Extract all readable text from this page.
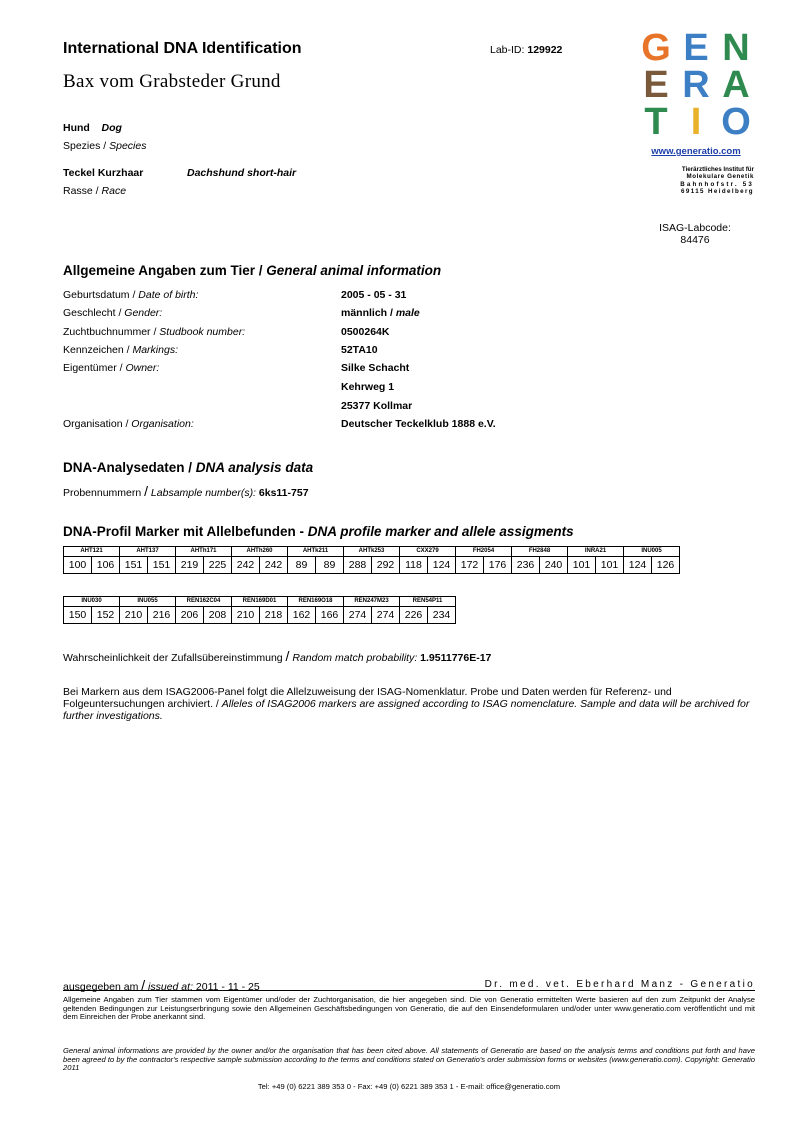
International DNA Identification	Lab-ID: 129922
Bax vom Grabsteder Grund
Hund Dog
Spezies / Species
Teckel Kurzhaar	Dachshund short-hair
Rasse / Race
G E N
E R A
T I O
www.generatio.com
Tierärztliches Institut für
Molekulare Genetik
Bahnhofstr. 53
69115 Heidelberg
ISAG-Labcode:
84476
Allgemeine Angaben zum Tier / General animal information
Geburtsdatum / Date of birth:	2005 - 05 - 31
Geschlecht / Gender:	männlich / male
Zuchtbuchnummer / Studbook number:	0500264K
Kennzeichen / Markings:	52TA10
Eigentümer / Owner:	Silke Schacht
Kehrweg 1
25377 Kollmar
Organisation / Organisation:	Deutscher Teckelklub 1888 e.V.
DNA-Analysedaten / DNA analysis data
Probennummern / Labsample number(s): 6ks11-757
DNA-Profil Marker mit Allelbefunden - DNA profile marker and allele assigments
AHT121		AHT137		AHTh171		AHTh260		AHTk211		AHTk253		CXX279		FH2054		FH2848		INRA21		INU005	
100	106	151	151	219	225	242	242	89	89	288	292	118	124	172	176	236	240	101	101	124	126
INU030		INU055		REN162C04		REN169D01		REN169O18		REN247M23		REN54P11	
150	152	210	216	206	208	210	218	162	166	274	274	226	234
Wahrscheinlichkeit der Zufallsübereinstimmung / Random match probability: 1.9511776E-17
Bei Markern aus dem ISAG2006-Panel folgt die Allelzuweisung der ISAG-Nomenklatur. Probe und Daten werden für Referenz- und Folgeuntersuchungen archiviert. / Alleles of ISAG2006 markers are assigned according to ISAG nomenclature. Sample and data will be archived for further investigations.
ausgegeben am / issued at: 2011 - 11 - 25	Dr. med. vet. Eberhard Manz - Generatio
Allgemeine Angaben zum Tier stammen vom Eigentümer und/oder der Zuchtorganisation, die hier angegeben sind. Die von Generatio ermittelten Werte basieren auf den zum Zeitpunkt der Analyse geltenden Bedingungen zur Leistungserbringung sowie den Allgemeinen Geschäftsbedingungen von Generatio, die auf den Einsendeformularen und/oder unter www.generatio.com veröffentlicht und mit dem Einreichen der Probe anerkannt sind.
General animal informations are provided by the owner and/or the organisation that has been cited above. All statements of Generatio are based on the analysis terms and conditions put forth and have been agreed to by the contractor's respective sample submission according to the terms and conditions stated on Generatio's order submission forms or websites (www.generatio.com). Copyright: Generatio 2011
Tel: +49 (0) 6221 389 353 0 - Fax: +49 (0) 6221 389 353 1 - E-mail: office@generatio.com
